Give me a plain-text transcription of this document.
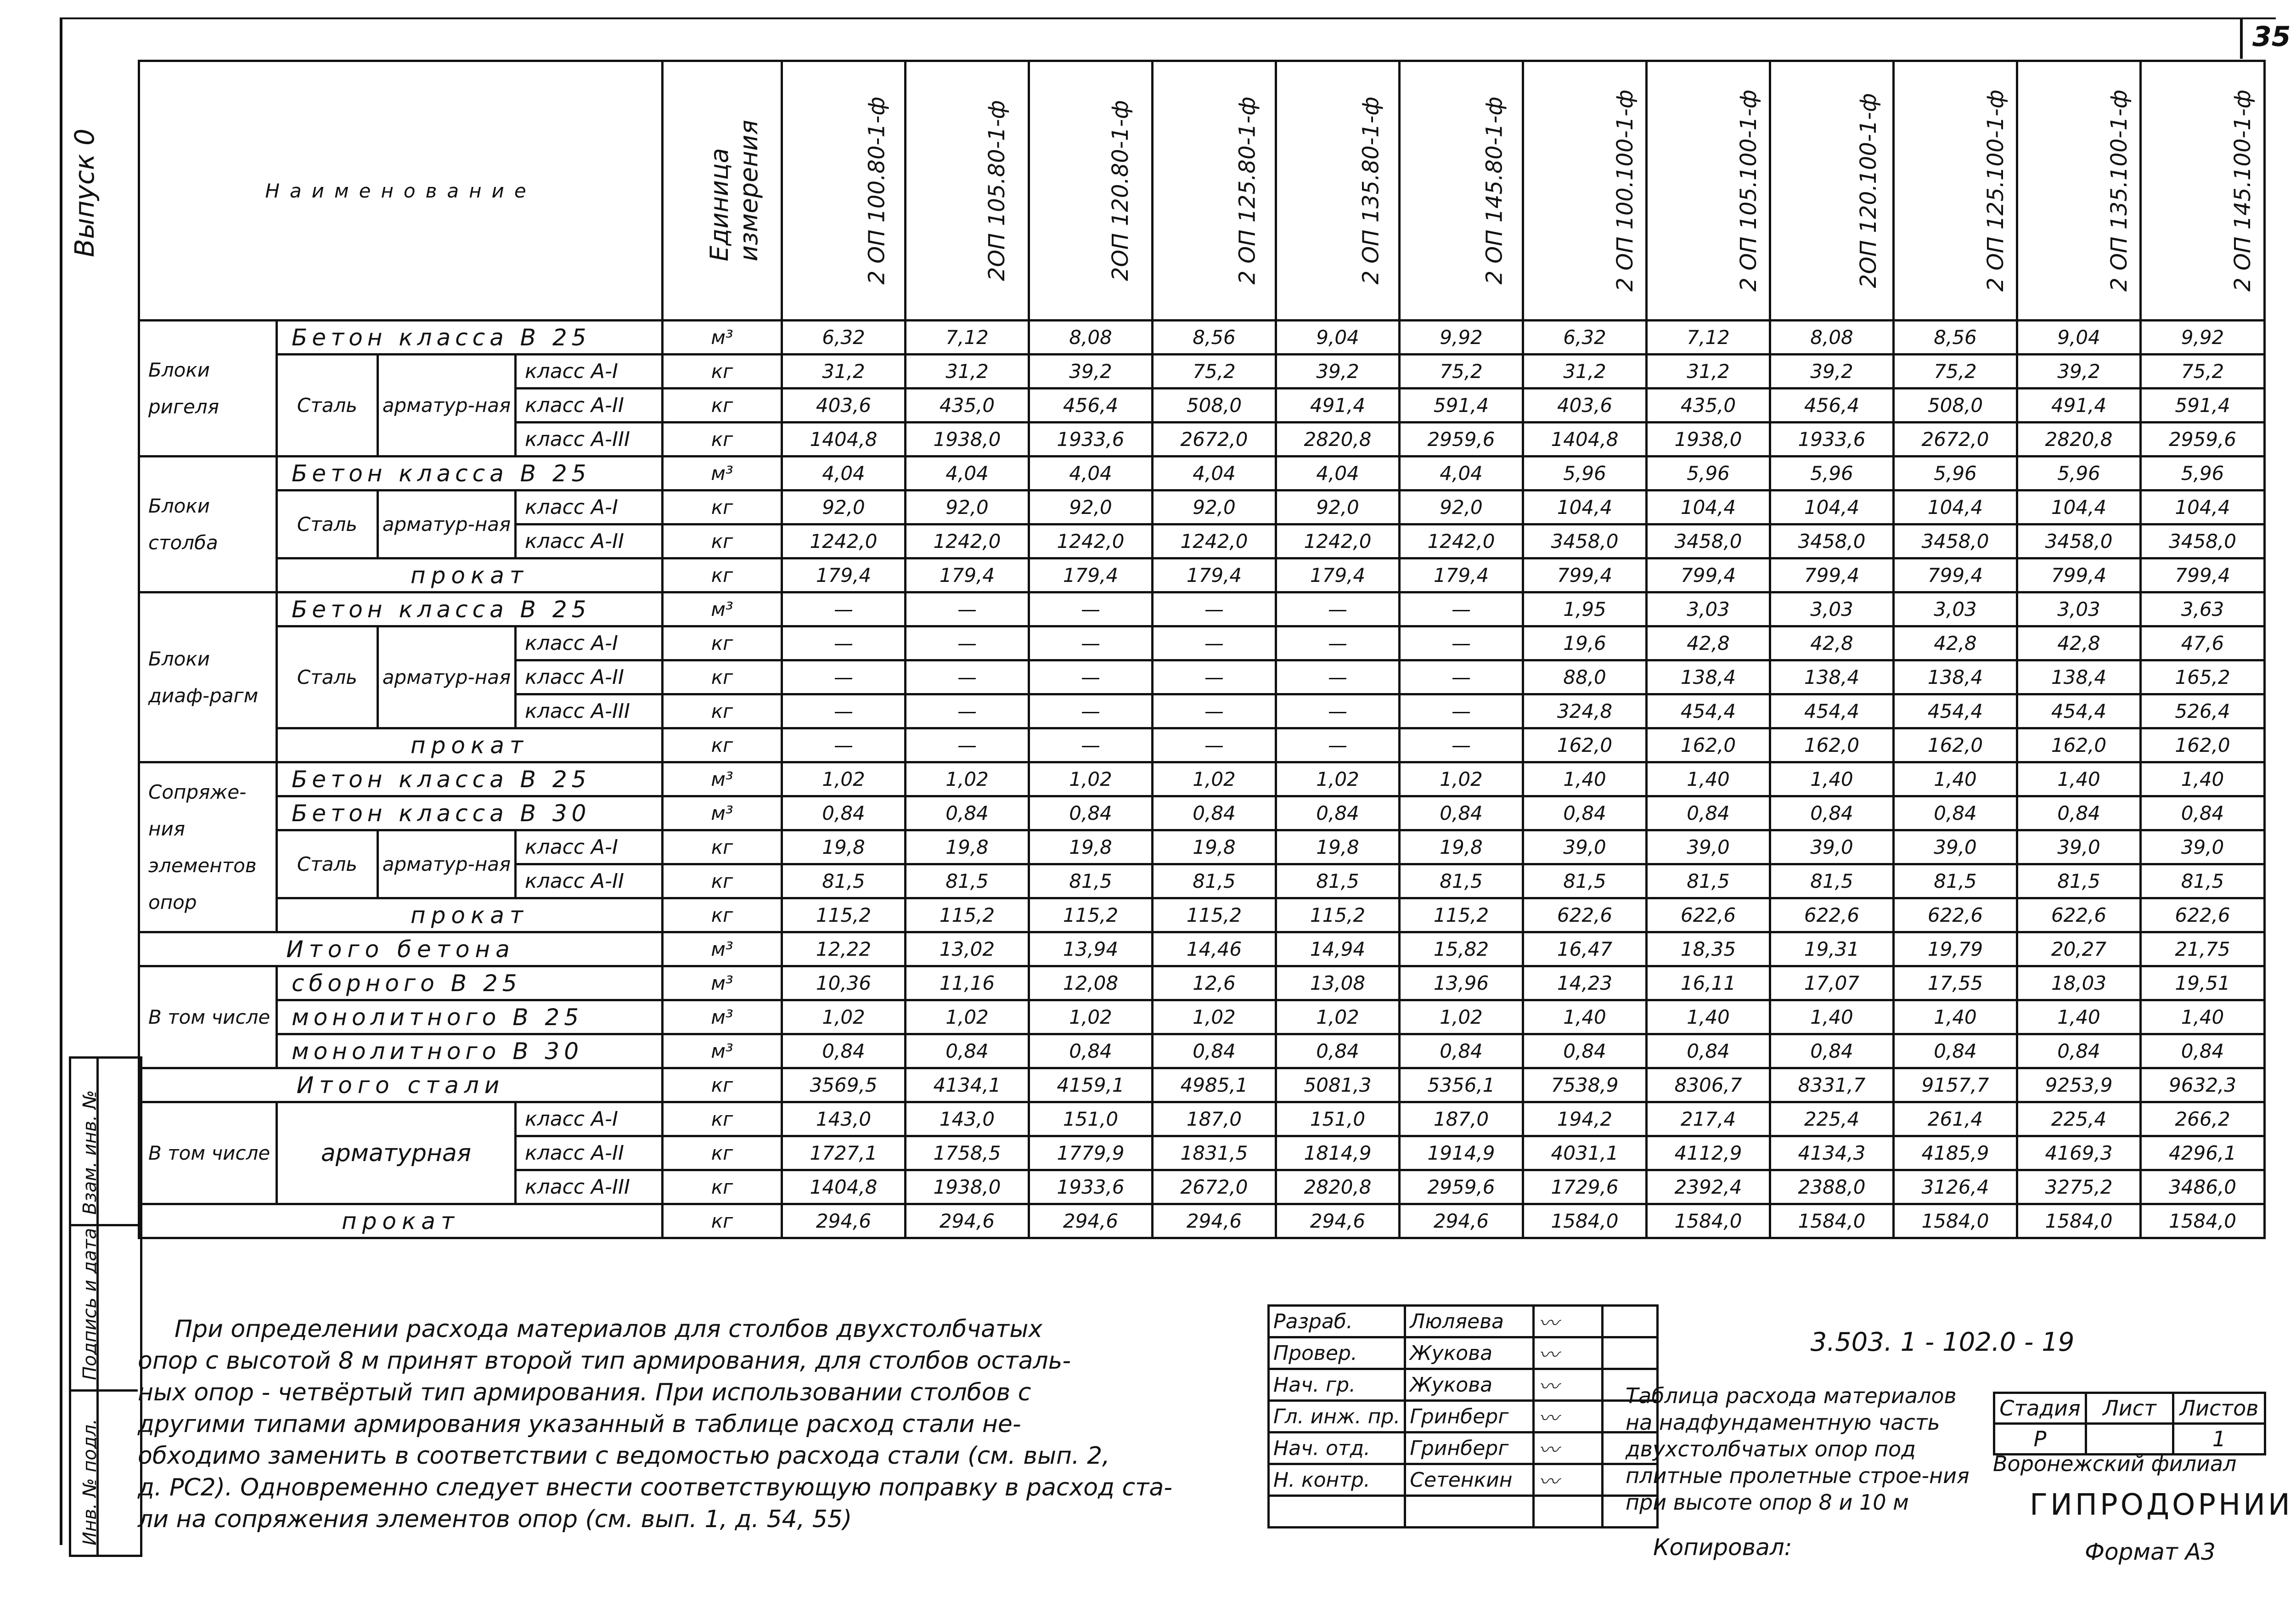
35
Выпуск 0
Инв. № подл.
Подпись и дата
Взам. инв. №
Наименование				Единица
измерения	2 ОП 100.80-1-ф	2ОП 105.80-1-ф	2ОП 120.80-1-ф	2 ОП 125.80-1-ф	2 ОП 135.80-1-ф	2 ОП 145.80-1-ф	2 ОП 100.100-1-ф	2 ОП 105.100-1-ф	2ОП 120.100-1-ф	2 ОП 125.100-1-ф	2 ОП 135.100-1-ф	2 ОП 145.100-1-ф
Блоки ригеля	Бетон класса В 25			м³	6,32	7,12	8,08	8,56	9,04	9,92	6,32	7,12	8,08	8,56	9,04	9,92
	Сталь	арматур-ная	класс А-I	кг	31,2	31,2	39,2	75,2	39,2	75,2	31,2	31,2	39,2	75,2	39,2	75,2
			класс А-II	кг	403,6	435,0	456,4	508,0	491,4	591,4	403,6	435,0	456,4	508,0	491,4	591,4
			класс А-III	кг	1404,8	1938,0	1933,6	2672,0	2820,8	2959,6	1404,8	1938,0	1933,6	2672,0	2820,8	2959,6
Блоки столба	Бетон класса В 25			м³	4,04	4,04	4,04	4,04	4,04	4,04	5,96	5,96	5,96	5,96	5,96	5,96
	Сталь	арматур-ная	класс А-I	кг	92,0	92,0	92,0	92,0	92,0	92,0	104,4	104,4	104,4	104,4	104,4	104,4
			класс А-II	кг	1242,0	1242,0	1242,0	1242,0	1242,0	1242,0	3458,0	3458,0	3458,0	3458,0	3458,0	3458,0
	прокат			кг	179,4	179,4	179,4	179,4	179,4	179,4	799,4	799,4	799,4	799,4	799,4	799,4
Блоки диаф-рагм	Бетон класса В 25			м³	—	—	—	—	—	—	1,95	3,03	3,03	3,03	3,03	3,63
	Сталь	арматур-ная	класс А-I	кг	—	—	—	—	—	—	19,6	42,8	42,8	42,8	42,8	47,6
			класс А-II	кг	—	—	—	—	—	—	88,0	138,4	138,4	138,4	138,4	165,2
			класс А-III	кг	—	—	—	—	—	—	324,8	454,4	454,4	454,4	454,4	526,4
	прокат			кг	—	—	—	—	—	—	162,0	162,0	162,0	162,0	162,0	162,0
Сопряже-ния элементов опор	Бетон класса В 25			м³	1,02	1,02	1,02	1,02	1,02	1,02	1,40	1,40	1,40	1,40	1,40	1,40
	Бетон класса В 30			м³	0,84	0,84	0,84	0,84	0,84	0,84	0,84	0,84	0,84	0,84	0,84	0,84
	Сталь	арматур-ная	класс А-I	кг	19,8	19,8	19,8	19,8	19,8	19,8	39,0	39,0	39,0	39,0	39,0	39,0
			класс А-II	кг	81,5	81,5	81,5	81,5	81,5	81,5	81,5	81,5	81,5	81,5	81,5	81,5
	прокат			кг	115,2	115,2	115,2	115,2	115,2	115,2	622,6	622,6	622,6	622,6	622,6	622,6
Итого бетона				м³	12,22	13,02	13,94	14,46	14,94	15,82	16,47	18,35	19,31	19,79	20,27	21,75
В том числе	сборного В 25			м³	10,36	11,16	12,08	12,6	13,08	13,96	14,23	16,11	17,07	17,55	18,03	19,51
	монолитного В 25			м³	1,02	1,02	1,02	1,02	1,02	1,02	1,40	1,40	1,40	1,40	1,40	1,40
	монолитного В 30			м³	0,84	0,84	0,84	0,84	0,84	0,84	0,84	0,84	0,84	0,84	0,84	0,84
Итого стали				кг	3569,5	4134,1	4159,1	4985,1	5081,3	5356,1	7538,9	8306,7	8331,7	9157,7	9253,9	9632,3
В том числе	арматурная		класс А-I	кг	143,0	143,0	151,0	187,0	151,0	187,0	194,2	217,4	225,4	261,4	225,4	266,2
			класс А-II	кг	1727,1	1758,5	1779,9	1831,5	1814,9	1914,9	4031,1	4112,9	4134,3	4185,9	4169,3	4296,1
			класс А-III	кг	1404,8	1938,0	1933,6	2672,0	2820,8	2959,6	1729,6	2392,4	2388,0	3126,4	3275,2	3486,0
прокат				кг	294,6	294,6	294,6	294,6	294,6	294,6	1584,0	1584,0	1584,0	1584,0	1584,0	1584,0

При определении расхода материалов для столбов двухстолбчатых

опор с высотой 8 м принят второй тип армирования, для столбов осталь-

ных опор - четвёртый тип армирования. При использовании столбов с

другими типами армирования указанный в таблице расход стали не-

обходимо заменить в соответствии с ведомостью расхода стали (см. вып. 2,

д. РС2). Одновременно следует внести соответствующую поправку в расход ста-

ли на сопряжения элементов опор (см. вып. 1, д. 54, 55)

Разраб.	Люляева	〰	
Провер.	Жукова	〰	
Нач. гр.	Жукова	〰	
Гл. инж. пр.	Гринберг	〰	
Нач. отд.	Гринберг	〰	
Н. контр.	Сетенкин	〰	

3.503. 1 - 102.0 - 19
Таблица расхода материалов на надфундаментную часть двухстолбчатых опор под плитные пролетные строе-ния при высоте опор 8 и 10 м
Стадия	Лист	Листов
Р		1
Воронежский филиал
ГИПРОДОРНИИ
Копировал:	Формат А3
